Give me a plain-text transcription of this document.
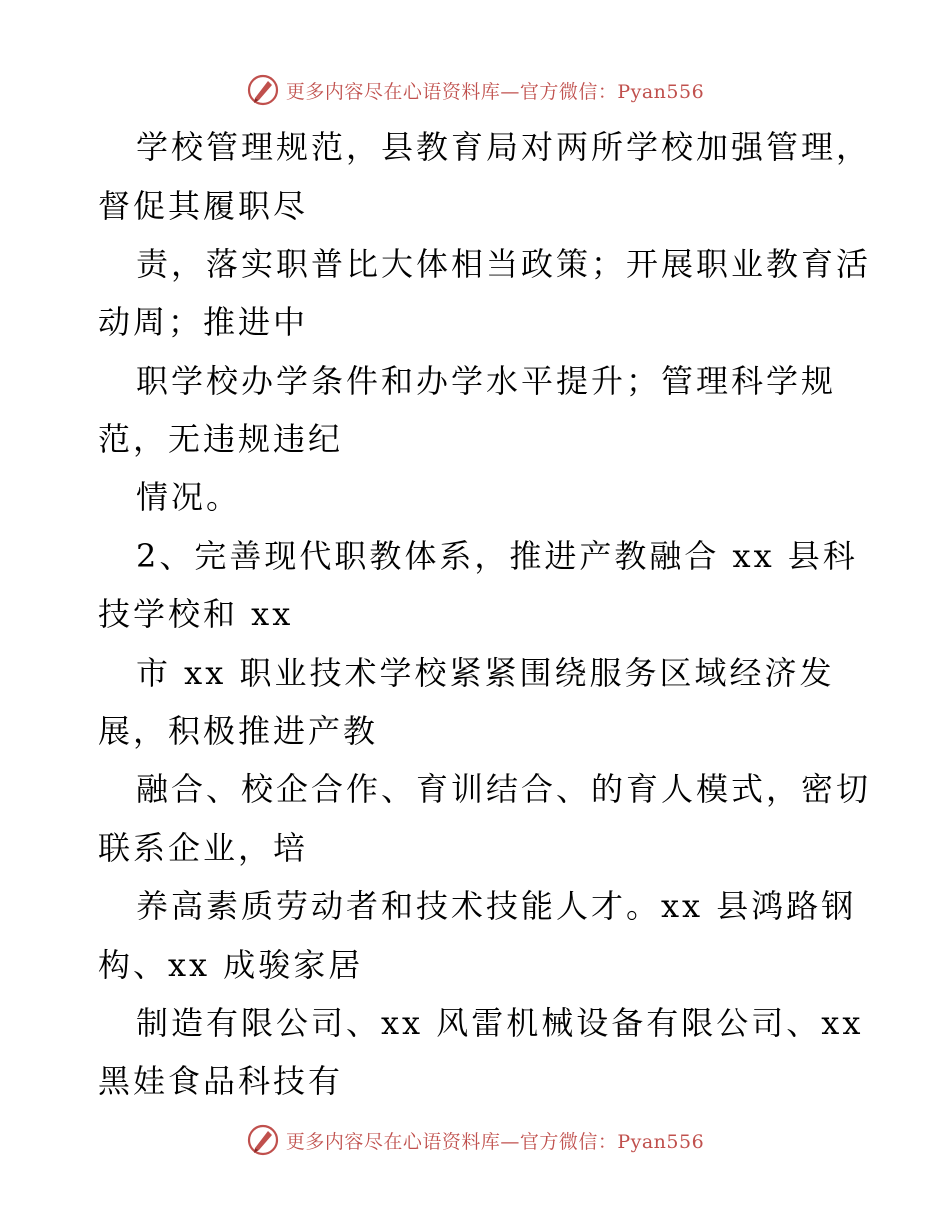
更多内容尽在心语资料库—官方微信：Pyan556
学校管理规范，县教育局对两所学校加强管理，
督促其履职尽
责，落实职普比大体相当政策；开展职业教育活
动周；推进中
职学校办学条件和办学水平提升；管理科学规
范，无违规违纪
情况。
2、完善现代职教体系，推进产教融合 xx 县科
技学校和 xx
市 xx 职业技术学校紧紧围绕服务区域经济发
展，积极推进产教
融合、校企合作、育训结合、的育人模式，密切
联系企业，培
养高素质劳动者和技术技能人才。xx 县鸿路钢
构、xx 成骏家居
制造有限公司、xx 风雷机械设备有限公司、xx
黑娃食品科技有
更多内容尽在心语资料库—官方微信：Pyan556
